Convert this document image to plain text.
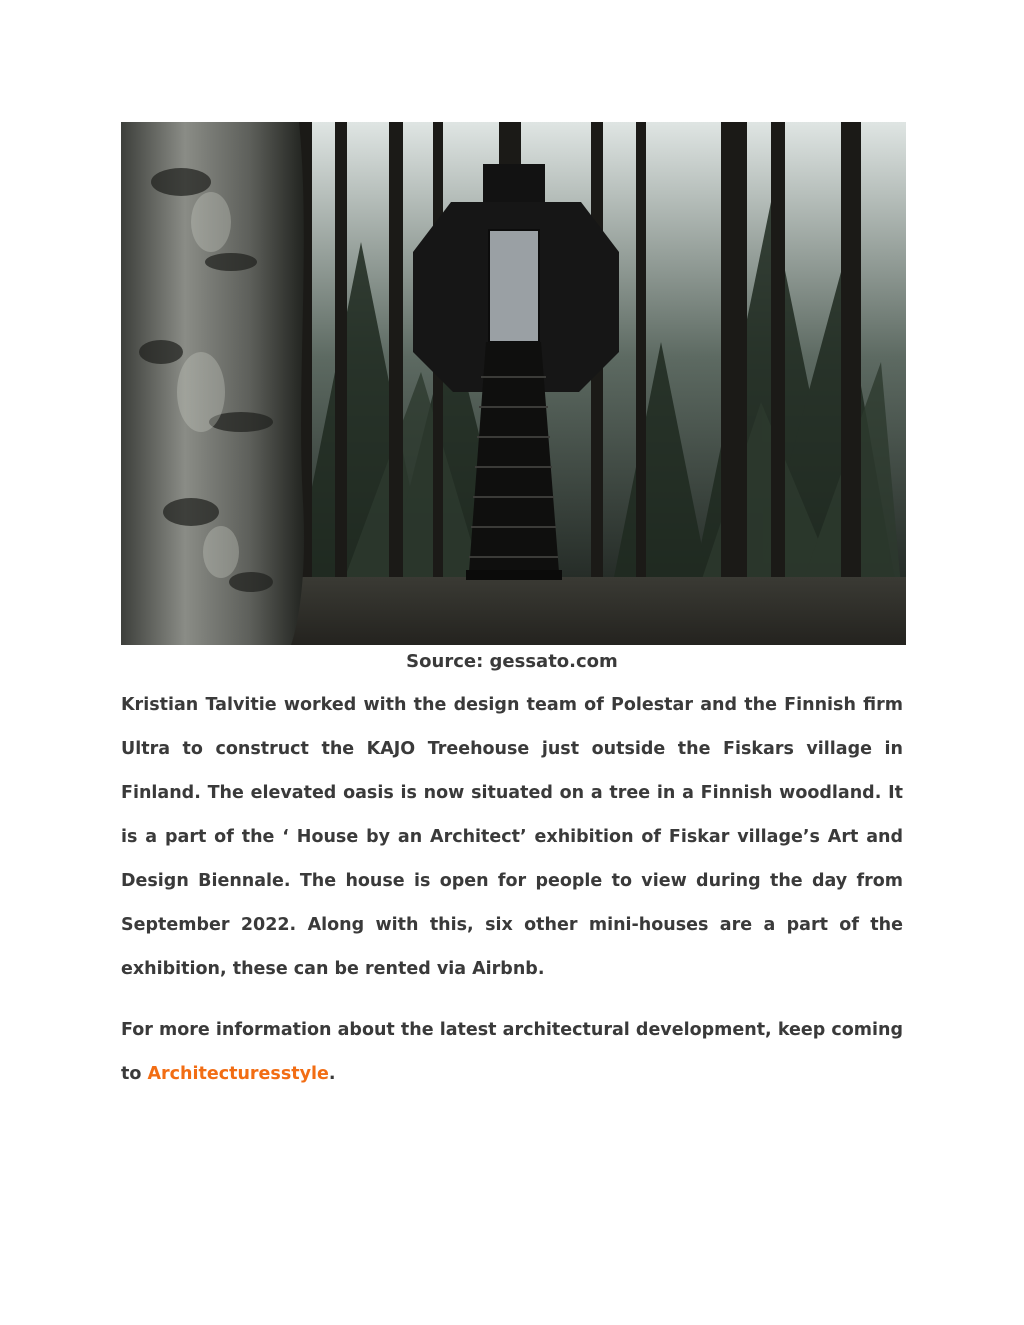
Source: gessato.com

Kristian Talvitie worked with the design team of Polestar and the Finnish firm Ultra to construct the KAJO Treehouse just outside the Fiskars village in Finland. The elevated oasis is now situated on a tree in a Finnish woodland. It is a part of the ‘ House by an Architect’ exhibition of Fiskar village’s Art and Design Biennale. The house is open for people to view during the day from September 2022. Along with this, six other mini-houses are a part of the exhibition, these can be rented via Airbnb.

For more information about the latest architectural development, keep coming to Architecturesstyle.
